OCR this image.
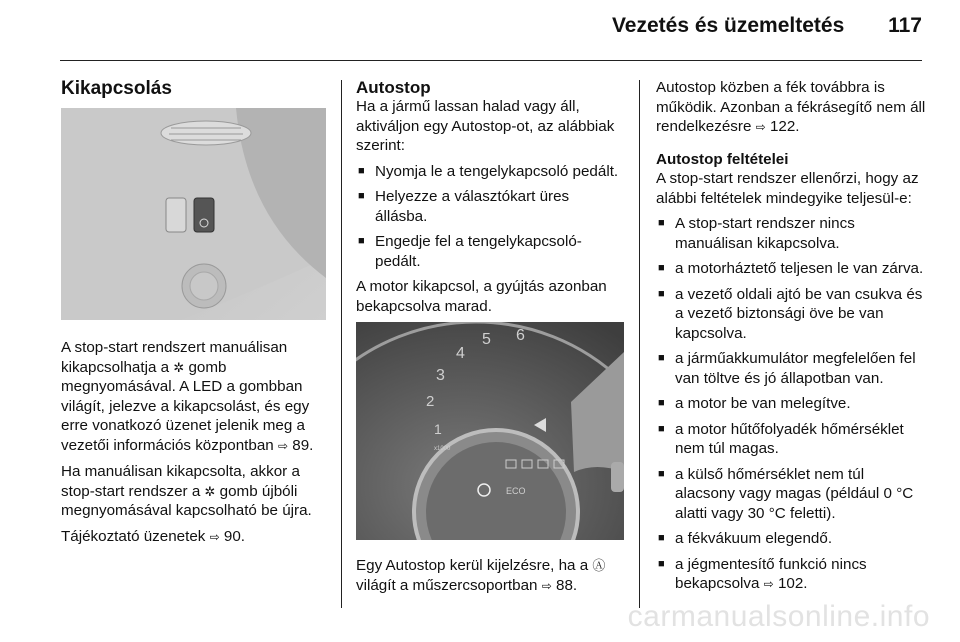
Vezetés és üzemeltetés 117
Kikapcsolás

A stop-start rendszert manuálisan kikapcsolhatja a ✲ gomb megnyomásával. A LED a gombban világít, jelezve a kikapcsolást, és egy erre vonatkozó üzenet jelenik meg a vezetői információs központban ⇨ 89.

Ha manuálisan kikapcsolta, akkor a stop-start rendszer a ✲ gomb újbóli megnyomásával kapcsolható be újra.

Tájékoztató üzenetek ⇨ 90.

Autostop

Ha a jármű lassan halad vagy áll, aktiváljon egy Autostop-ot, az alábbiak szerint:

■ Nyomja le a tengelykapcsoló pedált.
■ Helyezze a választókart üres állásba.
■ Engedje fel a tengelykapcsoló-pedált.

A motor kikapcsol, a gyújtás azonban bekapcsolva marad.

1
2
3
4
5 6
x1000
ECO

Egy Autostop kerül kijelzésre, ha a Ⓐ világít a műszercsoportban ⇨ 88.

Autostop közben a fék továbbra is működik. Azonban a fékrásegítő nem áll rendelkezésre ⇨ 122.

Autostop feltételei

A stop-start rendszer ellenőrzi, hogy az alábbi feltételek mindegyike teljesül-e:

■ A stop-start rendszer nincs manuálisan kikapcsolva.
■ a motorháztető teljesen le van zárva.
■ a vezető oldali ajtó be van csukva és a vezető biztonsági öve be van kapcsolva.
■ a járműakkumulátor megfelelően fel van töltve és jó állapotban van.
■ a motor be van melegítve.
■ a motor hűtőfolyadék hőmérséklet nem túl magas.
■ a külső hőmérséklet nem túl alacsony vagy magas (például 0 °C alatti vagy 30 °C feletti).
■ a fékvákuum elegendő.
■ a jégmentesítő funkció nincs bekapcsolva ⇨ 102.
carmanualsonline.info
